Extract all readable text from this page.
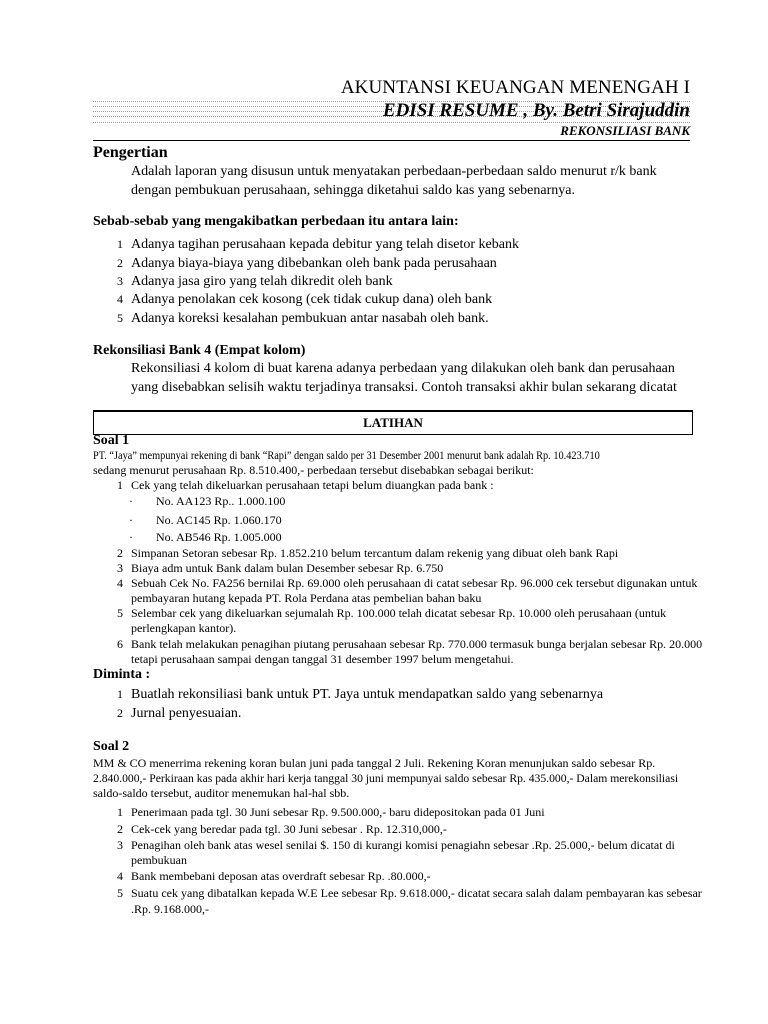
AKUNTANSI KEUANGAN MENENGAH I
EDISI RESUME , By. Betri Sirajuddin
REKONSILIASI BANK
Pengertian
Adalah laporan yang disusun untuk menyatakan perbedaan-perbedaan saldo menurut r/k bank
dengan pembukuan perusahaan, sehingga diketahui saldo kas yang sebenarnya.
Sebab-sebab yang mengakibatkan perbedaan itu antara lain:
1 Adanya tagihan perusahaan kepada debitur yang telah disetor kebank
2 Adanya biaya-biaya yang dibebankan oleh bank pada perusahaan
3 Adanya jasa giro yang telah dikredit oleh bank
4 Adanya penolakan cek kosong (cek tidak cukup dana) oleh bank
5 Adanya koreksi kesalahan pembukuan antar nasabah oleh bank.
Rekonsiliasi Bank 4 (Empat kolom)
Rekonsiliasi 4 kolom di buat karena adanya perbedaan yang dilakukan oleh bank dan perusahaan
yang disebabkan selisih waktu terjadinya transaksi. Contoh transaksi akhir bulan sekarang dicatat
LATIHAN
Soal 1
PT. “Jaya” mempunyai rekening di bank “Rapi” dengan saldo per 31 Desember 2001 menurut bank adalah Rp. 10.423.710
sedang menurut perusahaan Rp. 8.510.400,- perbedaan tersebut disebabkan sebagai berikut:
1 Cek yang telah dikeluarkan perusahaan tetapi belum diuangkan pada bank :
· No. AA123 Rp.. 1.000.100
· No. AC145 Rp. 1.060.170
· No. AB546 Rp. 1.005.000
2 Simpanan Setoran sebesar Rp. 1.852.210 belum tercantum dalam rekenig yang dibuat oleh bank Rapi
3 Biaya adm untuk Bank dalam bulan Desember sebesar Rp. 6.750
4 Sebuah Cek No. FA256 bernilai Rp. 69.000 oleh perusahaan di catat sebesar Rp. 96.000 cek tersebut digunakan untuk
pembayaran hutang kepada PT. Rola Perdana atas pembelian bahan baku
5 Selembar cek yang dikeluarkan sejumalah Rp. 100.000 telah dicatat sebesar Rp. 10.000 oleh perusahaan (untuk
perlengkapan kantor).
6 Bank telah melakukan penagihan piutang perusahaan sebesar Rp. 770.000 termasuk bunga berjalan sebesar Rp. 20.000
tetapi perusahaan sampai dengan tanggal 31 desember 1997 belum mengetahui.
Diminta :
1 Buatlah rekonsiliasi bank untuk PT. Jaya untuk mendapatkan saldo yang sebenarnya
2 Jurnal penyesuaian.
Soal 2
MM & CO menerrima rekening koran bulan juni pada tanggal 2 Juli. Rekening Koran menunjukan saldo sebesar Rp.
2.840.000,- Perkiraan kas pada akhir hari kerja tanggal 30 juni mempunyai saldo sebesar Rp. 435.000,- Dalam merekonsiliasi
saldo-saldo tersebut, auditor menemukan hal-hal sbb.
1 Penerimaan pada tgl. 30 Juni sebesar Rp. 9.500.000,- baru didepositokan pada 01 Juni
2 Cek-cek yang beredar pada tgl. 30 Juni sebesar . Rp. 12.310,000,-
3 Penagihan oleh bank atas wesel senilai $. 150 di kurangi komisi penagiahn sebesar .Rp. 25.000,- belum dicatat di
pembukuan
4 Bank membebani deposan atas overdraft sebesar Rp. .80.000,-
5 Suatu cek yang dibatalkan kepada W.E Lee sebesar Rp. 9.618.000,- dicatat secara salah dalam pembayaran kas sebesar
.Rp. 9.168.000,-
